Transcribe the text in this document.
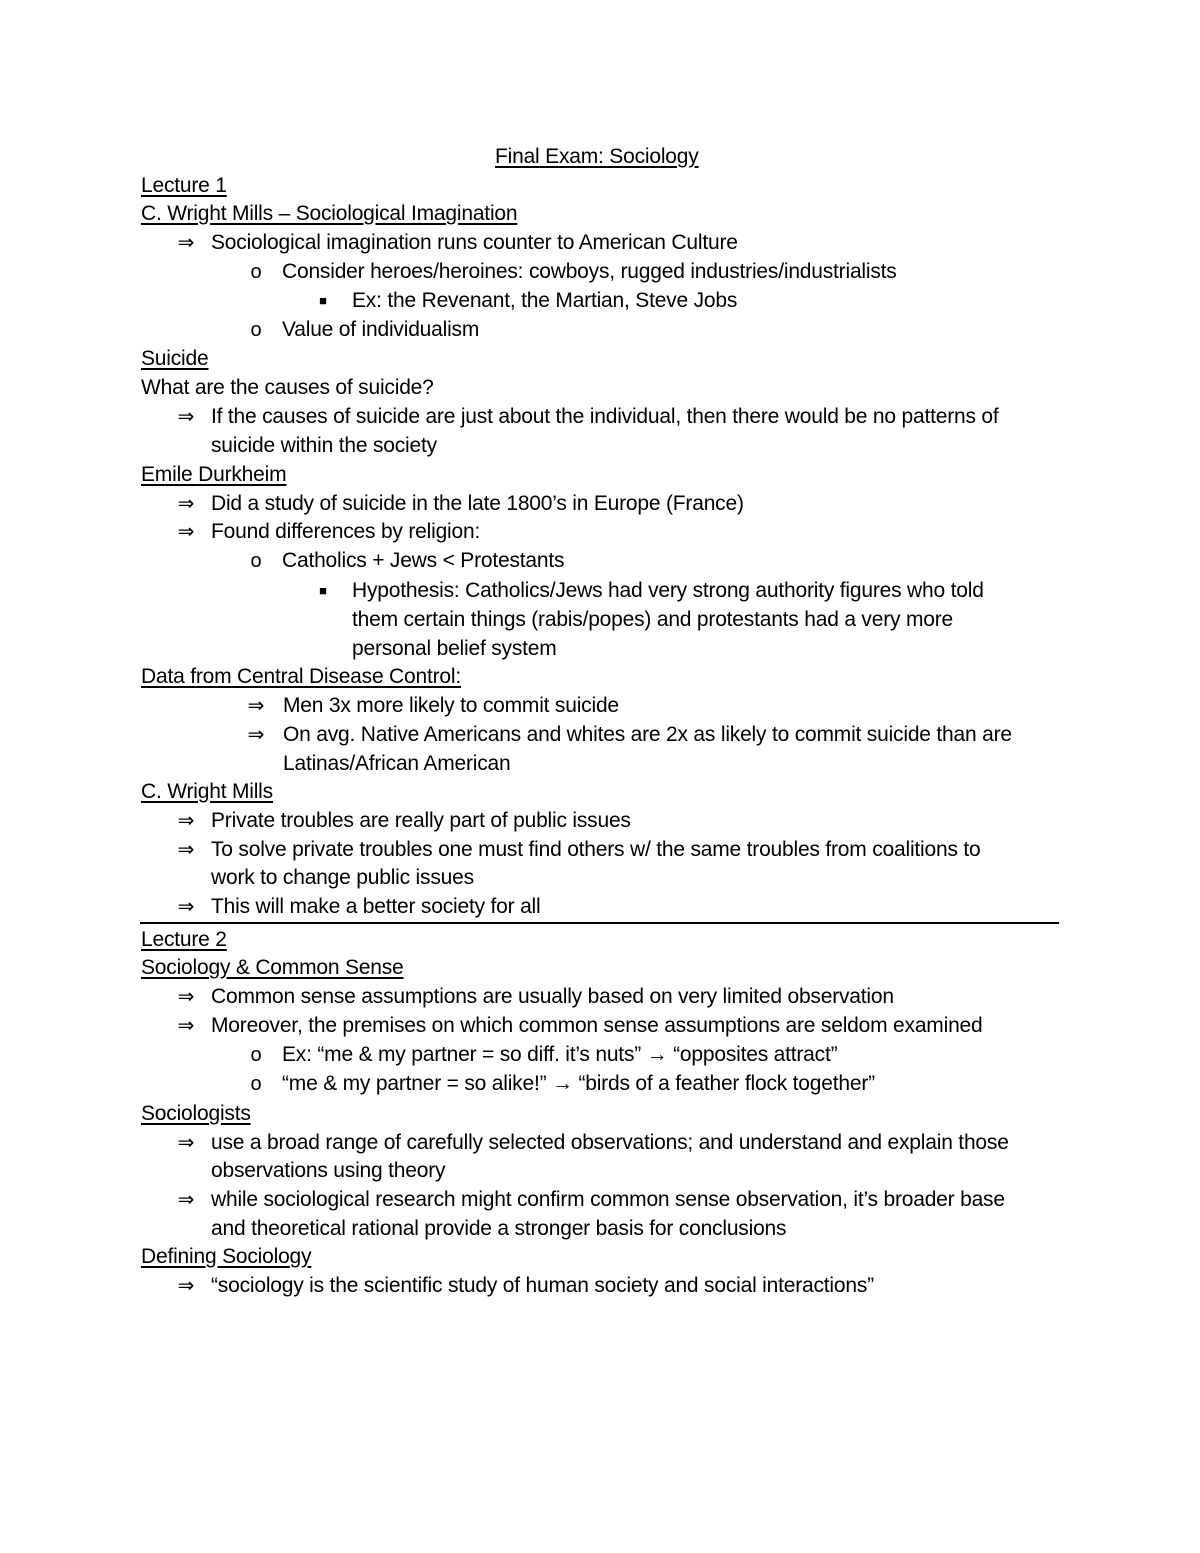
Final Exam: Sociology
Lecture 1
C. Wright Mills – Sociological Imagination
⇒ Sociological imagination runs counter to American Culture
o Consider heroes/heroines: cowboys, rugged industries/industrialists
■ Ex: the Revenant, the Martian, Steve Jobs
o Value of individualism
Suicide
What are the causes of suicide?
⇒ If the causes of suicide are just about the individual, then there would be no patterns of
suicide within the society
Emile Durkheim
⇒ Did a study of suicide in the late 1800’s in Europe (France)
⇒ Found differences by religion:
o Catholics + Jews < Protestants
■ Hypothesis: Catholics/Jews had very strong authority figures who told
them certain things (rabis/popes) and protestants had a very more
personal belief system
Data from Central Disease Control:
⇒ Men 3x more likely to commit suicide
⇒ On avg. Native Americans and whites are 2x as likely to commit suicide than are
Latinas/African American
C. Wright Mills
⇒ Private troubles are really part of public issues
⇒ To solve private troubles one must find others w/ the same troubles from coalitions to
work to change public issues
⇒ This will make a better society for all
Lecture 2
Sociology & Common Sense
⇒ Common sense assumptions are usually based on very limited observation
⇒ Moreover, the premises on which common sense assumptions are seldom examined
o Ex: “me & my partner = so diff. it’s nuts” → “opposites attract”
o “me & my partner = so alike!” → “birds of a feather flock together”
Sociologists
⇒ use a broad range of carefully selected observations; and understand and explain those
observations using theory
⇒ while sociological research might confirm common sense observation, it’s broader base
and theoretical rational provide a stronger basis for conclusions
Defining Sociology
⇒ “sociology is the scientific study of human society and social interactions”
